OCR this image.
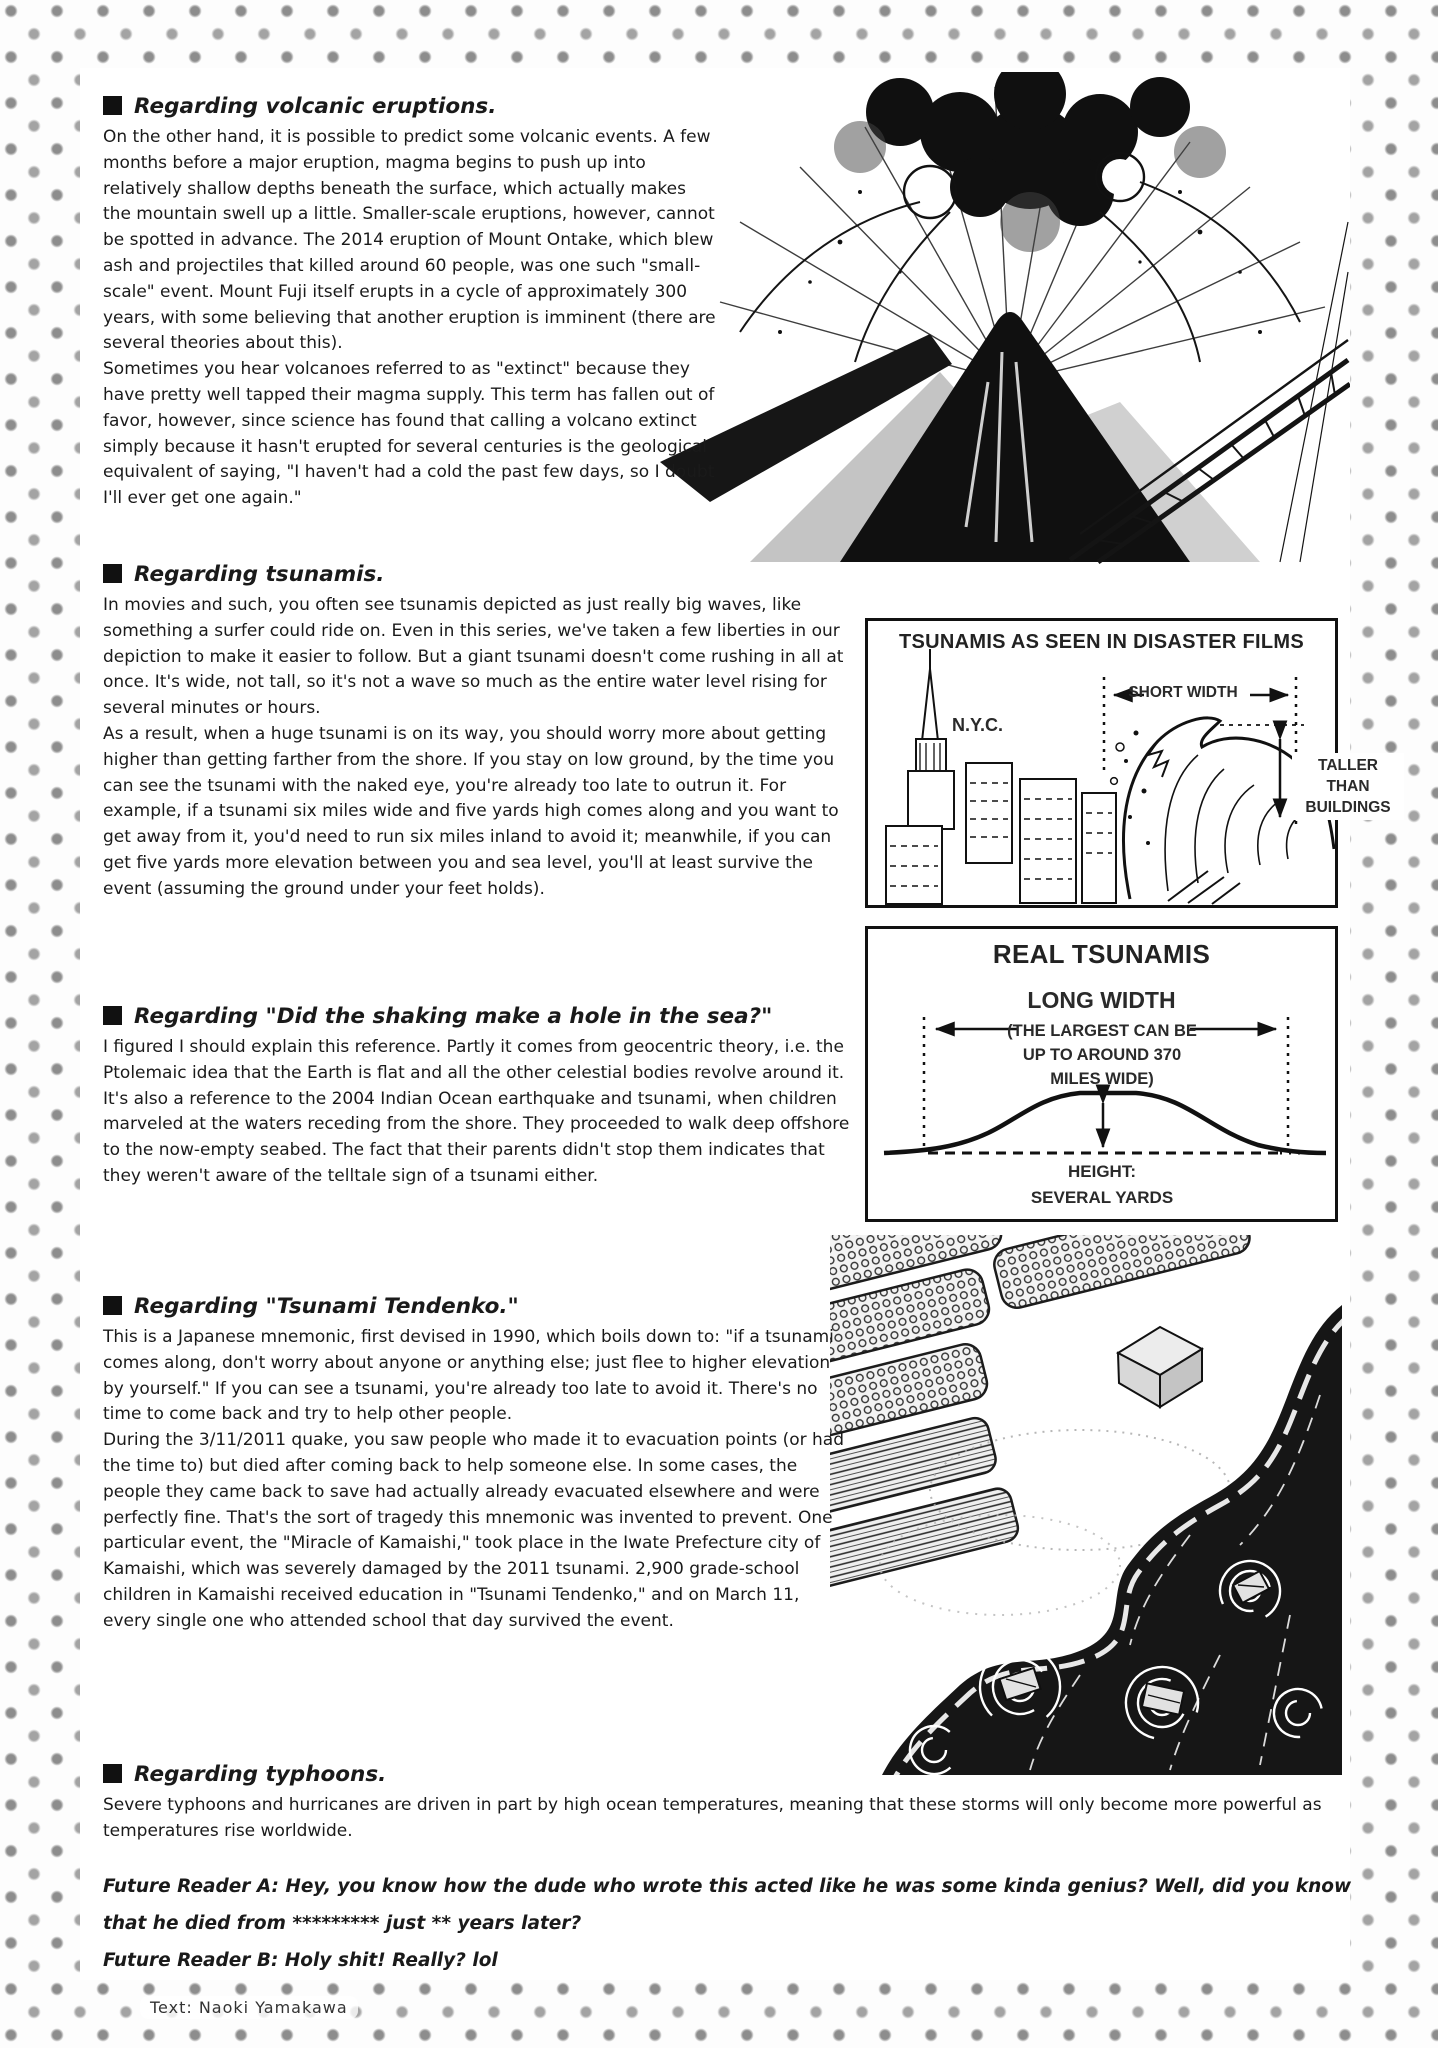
Regarding volcanic eruptions.

On the other hand, it is possible to predict some volcanic events. A few months before a major eruption, magma begins to push up into relatively shallow depths beneath the surface, which actually makes the mountain swell up a little. Smaller-scale eruptions, however, cannot be spotted in advance. The 2014 eruption of Mount Ontake, which blew ash and projectiles that killed around 60 people, was one such "small-scale" event. Mount Fuji itself erupts in a cycle of approximately 300 years, with some believing that another eruption is imminent (there are several theories about this).

Sometimes you hear volcanoes referred to as "extinct" because they have pretty well tapped their magma supply. This term has fallen out of favor, however, since science has found that calling a volcano extinct simply because it hasn't erupted for several centuries is the geological equivalent of saying, "I haven't had a cold the past few days, so I doubt I'll ever get one again."

Regarding tsunamis.

In movies and such, you often see tsunamis depicted as just really big waves, like something a surfer could ride on. Even in this series, we've taken a few liberties in our depiction to make it easier to follow. But a giant tsunami doesn't come rushing in all at once. It's wide, not tall, so it's not a wave so much as the entire water level rising for several minutes or hours.

As a result, when a huge tsunami is on its way, you should worry more about getting higher than getting farther from the shore. If you stay on low ground, by the time you can see the tsunami with the naked eye, you're already too late to outrun it. For example, if a tsunami six miles wide and five yards high comes along and you want to get away from it, you'd need to run six miles inland to avoid it; meanwhile, if you can get five yards more elevation between you and sea level, you'll at least survive the event (assuming the ground under your feet holds).

TSUNAMIS AS SEEN IN DISASTER FILMS
N.Y.C.
SHORT WIDTH
TALLER
THAN
BUILDINGS
REAL TSUNAMIS
LONG WIDTH
(THE LARGEST CAN BE
UP TO AROUND 370
MILES WIDE)
HEIGHT:
SEVERAL YARDS
Regarding "Did the shaking make a hole in the sea?"

I figured I should explain this reference. Partly it comes from geocentric theory, i.e. the Ptolemaic idea that the Earth is flat and all the other celestial bodies revolve around it.

It's also a reference to the 2004 Indian Ocean earthquake and tsunami, when children marveled at the waters receding from the shore. They proceeded to walk deep offshore to the now-empty seabed. The fact that their parents didn't stop them indicates that they weren't aware of the telltale sign of a tsunami either.

Regarding "Tsunami Tendenko."

This is a Japanese mnemonic, first devised in 1990, which boils down to: "if a tsunami comes along, don't worry about anyone or anything else; just flee to higher elevation by yourself." If you can see a tsunami, you're already too late to avoid it. There's no time to come back and try to help other people.

During the 3/11/2011 quake, you saw people who made it to evacuation points (or had the time to) but died after coming back to help someone else. In some cases, the people they came back to save had actually already evacuated elsewhere and were perfectly fine. That's the sort of tragedy this mnemonic was invented to prevent. One particular event, the "Miracle of Kamaishi," took place in the Iwate Prefecture city of Kamaishi, which was severely damaged by the 2011 tsunami. 2,900 grade-school children in Kamaishi received education in "Tsunami Tendenko," and on March 11, every single one who attended school that day survived the event.

Regarding typhoons.

Severe typhoons and hurricanes are driven in part by high ocean temperatures, meaning that these storms will only become more powerful as temperatures rise worldwide.

Future Reader A: Hey, you know how the dude who wrote this acted like he was some kinda genius? Well, did you know
that he died from ********* just ** years later?
Future Reader B: Holy shit! Really? lol
Text: Naoki Yamakawa
